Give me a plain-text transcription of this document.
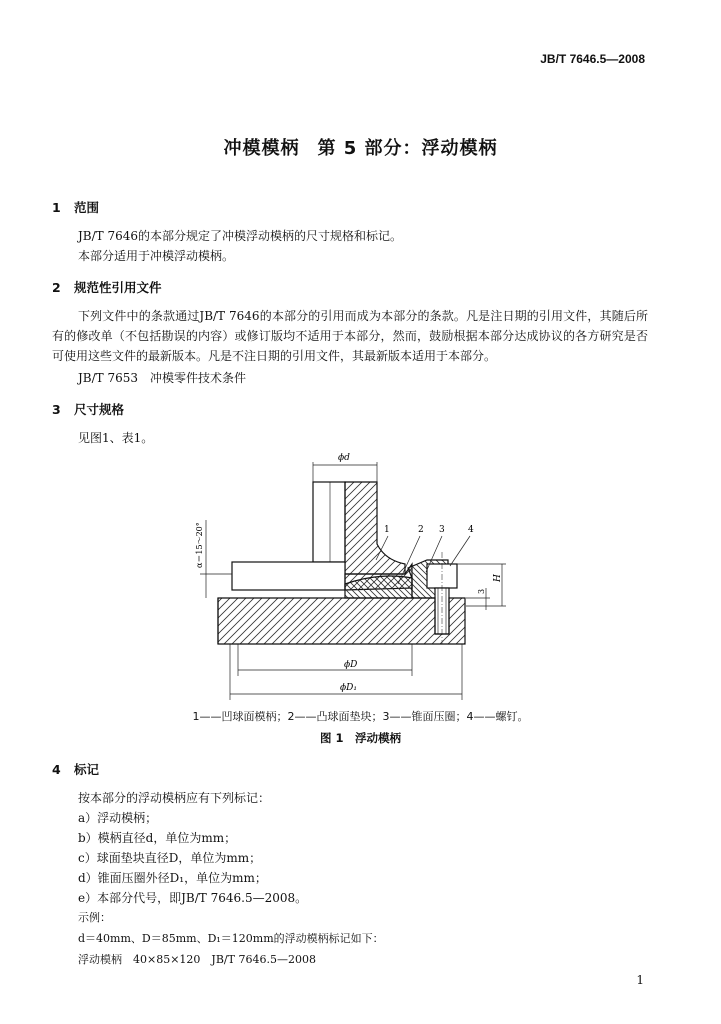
JB/T 7646.5—2008
冲模模柄 第 5 部分：浮动模柄
1 范围
JB/T 7646的本部分规定了冲模浮动模柄的尺寸规格和标记。
本部分适用于冲模浮动模柄。
2 规范性引用文件
下列文件中的条款通过JB/T 7646的本部分的引用而成为本部分的条款。凡是注日期的引用文件，其随后所有的修改单（不包括勘误的内容）或修订版均不适用于本部分，然而，鼓励根据本部分达成协议的各方研究是否可使用这些文件的最新版本。凡是不注日期的引用文件，其最新版本适用于本部分。
JB/T 7653　 冲模零件技术条件
3 尺寸规格
见图1、表1。
ϕd
α＝15～20°	1	2 3	4
H
3
ϕD
ϕD₁
1——凹球面模柄；2——凸球面垫块；3——锥面压圈；4——螺钉。
图 1　浮动模柄
4 标记
按本部分的浮动模柄应有下列标记：
a）浮动模柄；
b）模柄直径d，单位为mm；
c）球面垫块直径D，单位为mm；
d）锥面压圈外径D₁，单位为mm；
e）本部分代号，即JB/T 7646.5—2008。
示例：
d＝40mm、D＝85mm、D₁＝120mm的浮动模柄标记如下：
浮动模柄　40×85×120　JB/T 7646.5—2008
1
